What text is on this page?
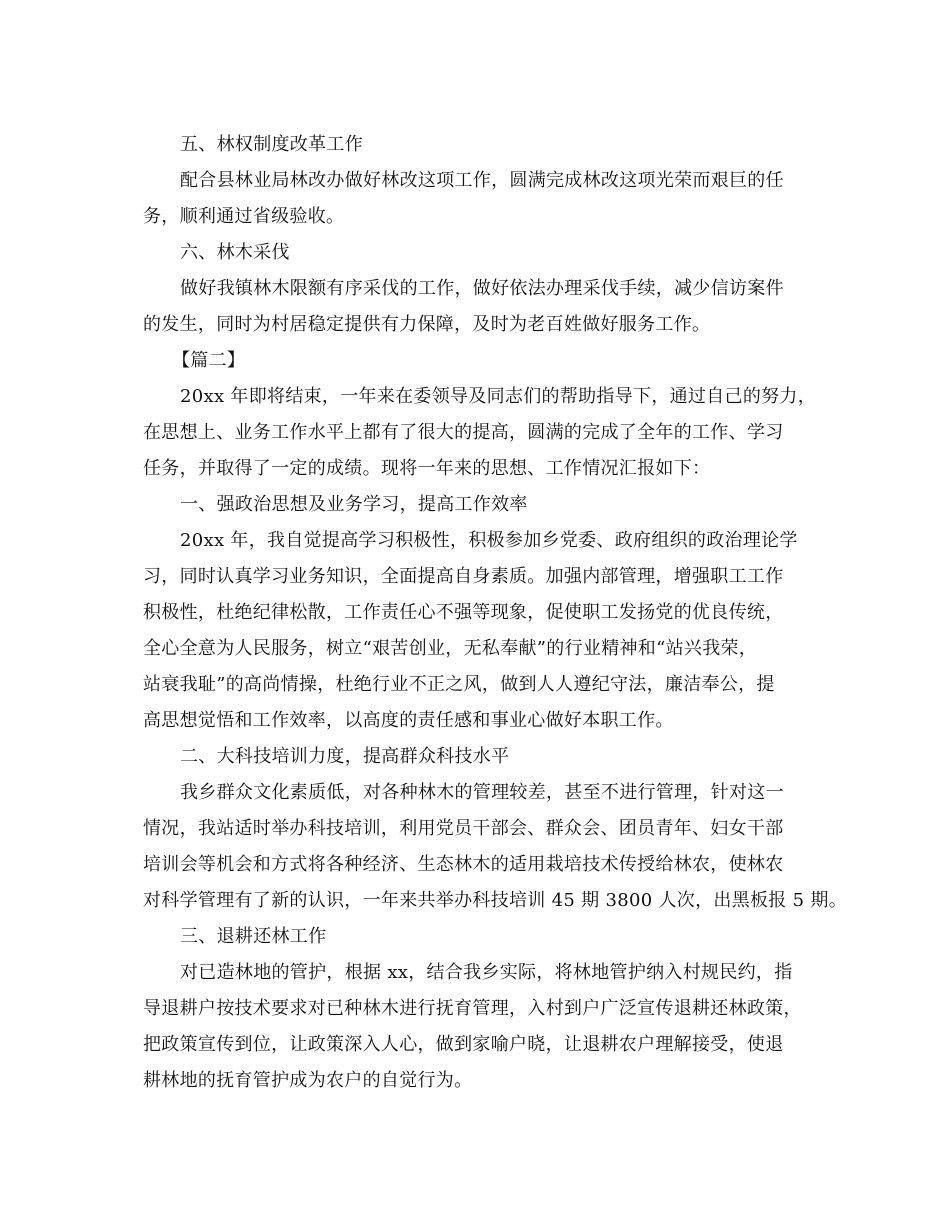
五、林权制度改革工作
配合县林业局林改办做好林改这项工作，圆满完成林改这项光荣而艰巨的任
务，顺利通过省级验收。
六、林木采伐
做好我镇林木限额有序采伐的工作，做好依法办理采伐手续，减少信访案件
的发生，同时为村居稳定提供有力保障，及时为老百姓做好服务工作。
【篇二】
20xx 年即将结束，一年来在委领导及同志们的帮助指导下，通过自己的努力，
在思想上、业务工作水平上都有了很大的提高，圆满的完成了全年的工作、学习
任务，并取得了一定的成绩。现将一年来的思想、工作情况汇报如下：
一、强政治思想及业务学习，提高工作效率
20xx 年，我自觉提高学习积极性，积极参加乡党委、政府组织的政治理论学
习，同时认真学习业务知识，全面提高自身素质。加强内部管理，增强职工工作
积极性，杜绝纪律松散，工作责任心不强等现象，促使职工发扬党的优良传统，
全心全意为人民服务，树立“艰苦创业，无私奉献”的行业精神和“站兴我荣，
站衰我耻”的高尚情操，杜绝行业不正之风，做到人人遵纪守法，廉洁奉公，提
高思想觉悟和工作效率，以高度的责任感和事业心做好本职工作。
二、大科技培训力度，提高群众科技水平
我乡群众文化素质低，对各种林木的管理较差，甚至不进行管理，针对这一
情况，我站适时举办科技培训，利用党员干部会、群众会、团员青年、妇女干部
培训会等机会和方式将各种经济、生态林木的适用栽培技术传授给林农，使林农
对科学管理有了新的认识，一年来共举办科技培训 45 期 3800 人次，出黑板报 5 期。
三、退耕还林工作
对已造林地的管护，根据 xx，结合我乡实际，将林地管护纳入村规民约，指
导退耕户按技术要求对已种林木进行抚育管理，入村到户广泛宣传退耕还林政策，
把政策宣传到位，让政策深入人心，做到家喻户晓，让退耕农户理解接受，使退
耕林地的抚育管护成为农户的自觉行为。
